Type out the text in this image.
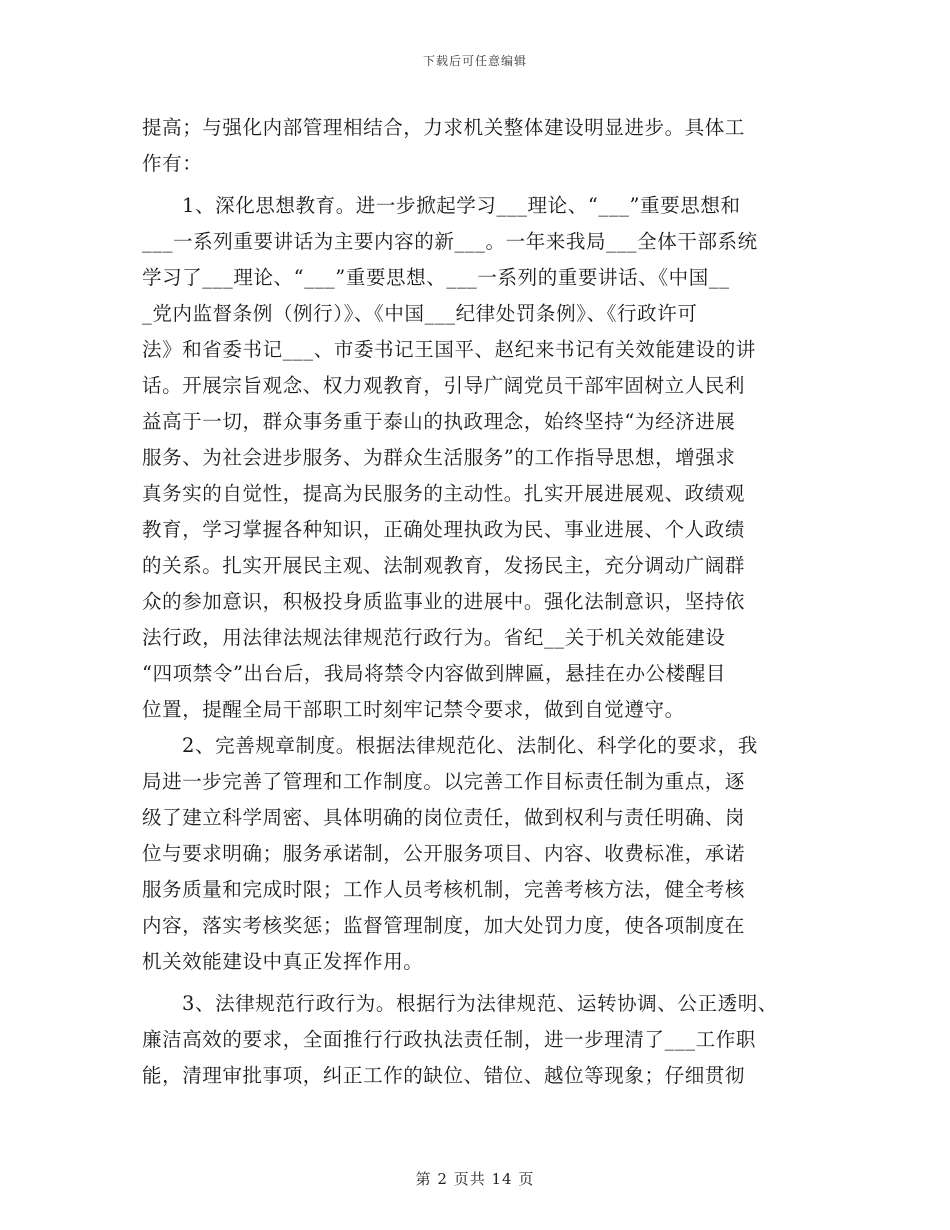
下载后可任意编辑
提高；与强化内部管理相结合，力求机关整体建设明显进步。具体工
作有：
1、深化思想教育。进一步掀起学习___理论、“___”重要思想和
___一系列重要讲话为主要内容的新___。一年来我局___全体干部系统
学习了___理论、“___”重要思想、___一系列的重要讲话、《中国__
_党内监督条例（例行）》、《中国___纪律处罚条例》、《行政许可
法》和省委书记___、市委书记王国平、赵纪来书记有关效能建设的讲
话。开展宗旨观念、权力观教育，引导广阔党员干部牢固树立人民利
益高于一切，群众事务重于泰山的执政理念，始终坚持“为经济进展
服务、为社会进步服务、为群众生活服务”的工作指导思想，增强求
真务实的自觉性，提高为民服务的主动性。扎实开展进展观、政绩观
教育，学习掌握各种知识，正确处理执政为民、事业进展、个人政绩
的关系。扎实开展民主观、法制观教育，发扬民主，充分调动广阔群
众的参加意识，积极投身质监事业的进展中。强化法制意识，坚持依
法行政，用法律法规法律规范行政行为。省纪__关于机关效能建设
“四项禁令”出台后，我局将禁令内容做到牌匾，悬挂在办公楼醒目
位置，提醒全局干部职工时刻牢记禁令要求，做到自觉遵守。
2、完善规章制度。根据法律规范化、法制化、科学化的要求，我
局进一步完善了管理和工作制度。以完善工作目标责任制为重点，逐
级了建立科学周密、具体明确的岗位责任，做到权利与责任明确、岗
位与要求明确；服务承诺制，公开服务项目、内容、收费标准，承诺
服务质量和完成时限；工作人员考核机制，完善考核方法，健全考核
内容，落实考核奖惩；监督管理制度，加大处罚力度，使各项制度在
机关效能建设中真正发挥作用。
3、法律规范行政行为。根据行为法律规范、运转协调、公正透明、
廉洁高效的要求，全面推行行政执法责任制，进一步理清了___工作职
能，清理审批事项，纠正工作的缺位、错位、越位等现象；仔细贯彻
第 2 页共 14 页
